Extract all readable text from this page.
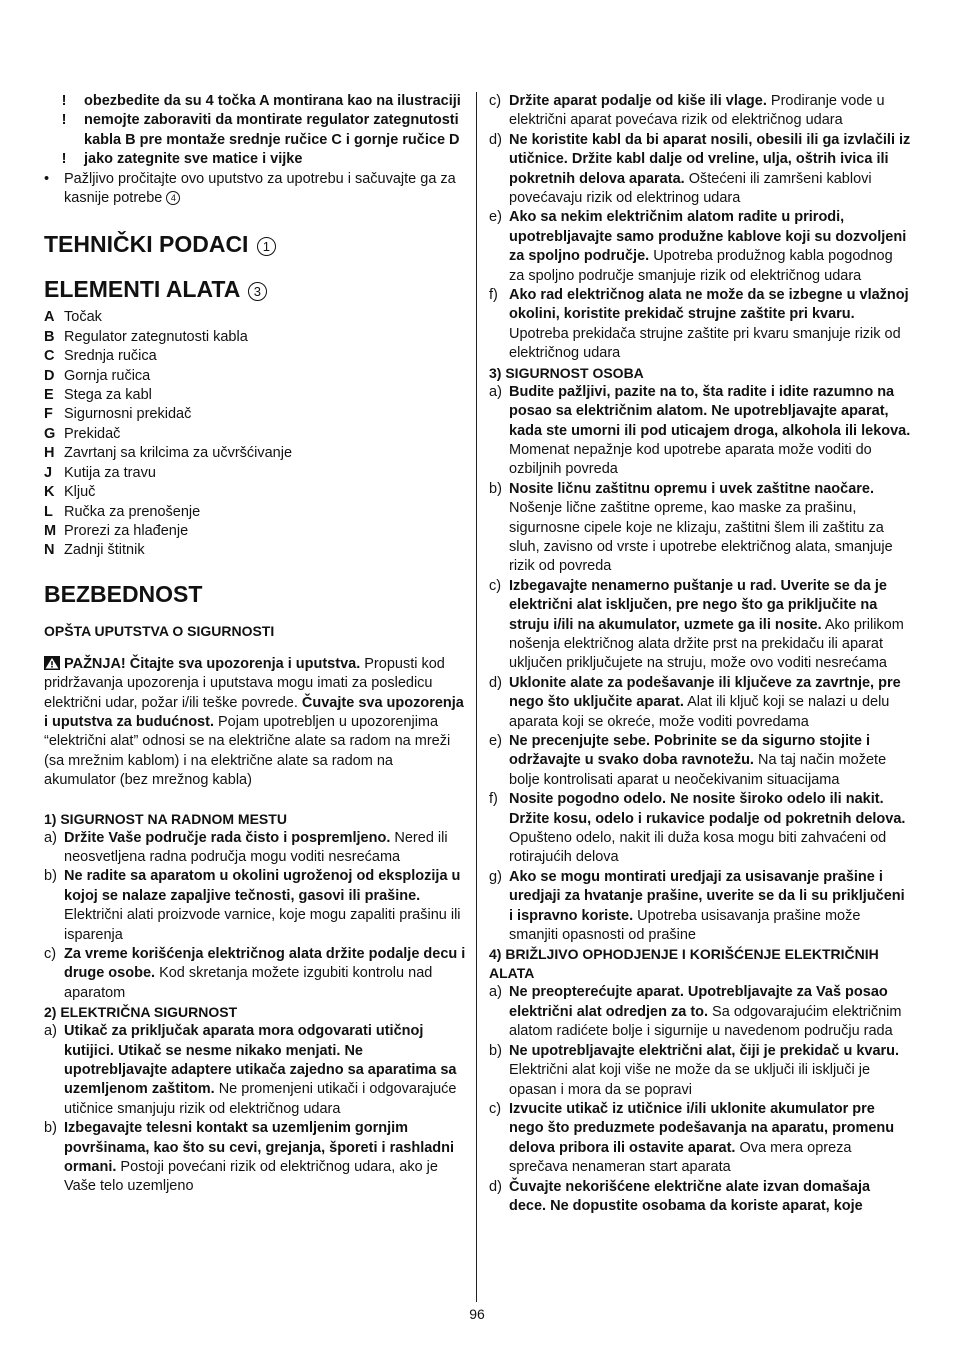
!	obezbedite da su 4 točka A montirana kao na ilustraciji
!	nemojte zaboraviti da montirate regulator zategnutosti kabla B pre montaže srednje ručice C i gornje ručice D
!	jako zategnite sve matice i vijke
•	Pažljivo pročitajte ovo uputstvo za upotrebu i sačuvajte ga za kasnije potrebe 4
TEHNIČKI PODACI 1
ELEMENTI ALATA 3
A Točak
B Regulator zategnutosti kabla
C Srednja ručica
D Gornja ručica
E Stega za kabl
F Sigurnosni prekidač
G Prekidač
H Zavrtanj sa krilcima za učvršćivanje
J Kutija za travu
K Ključ
L Ručka za prenošenje
M Prorezi za hlađenje
N Zadnji štitnik
BEZBEDNOST
OPŠTA UPUTSTVA O SIGURNOSTI
PAŽNJA! Čitajte sva upozorenja i uputstva. Propusti kod pridržavanja upozorenja i uputstava mogu imati za posledicu električni udar, požar i/ili teške povrede. Čuvajte sva upozorenja i uputstva za budućnost. Pojam upotrebljen u upozorenjima “električni alat” odnosi se na električne alate sa radom na mreži (sa mrežnim kablom) i na električne alate sa radom na akumulator (bez mrežnog kabla)
1) SIGURNOST NA RADNOM MESTU
a) Držite Vaše područje rada čisto i pospremljeno. Nered ili neosvetljena radna područja mogu voditi nesrećama
b) Ne radite sa aparatom u okolini ugroženoj od eksplozija u kojoj se nalaze zapaljive tečnosti, gasovi ili prašine. Električni alati proizvode varnice, koje mogu zapaliti prašinu ili isparenja
c) Za vreme korišćenja električnog alata držite podalje decu i druge osobe. Kod skretanja možete izgubiti kontrolu nad aparatom
2) ELEKTRIČNA SIGURNOST
a) Utikač za priključak aparata mora odgovarati utičnoj kutijici. Utikač se nesme nikako menjati. Ne upotrebljavajte adaptere utikača zajedno sa aparatima sa uzemljenom zaštitom. Ne promenjeni utikači i odgovarajuće utičnice smanjuju rizik od električnog udara
b) Izbegavajte telesni kontakt sa uzemljenim gornjim površinama, kao što su cevi, grejanja, šporeti i rashladni ormani. Postoji povećani rizik od električnog udara, ako je Vaše telo uzemljeno
c) Držite aparat podalje od kiše ili vlage. Prodiranje vode u električni aparat povećava rizik od električnog udara
d) Ne koristite kabl da bi aparat nosili, obesili ili ga izvlačili iz utičnice. Držite kabl dalje od vreline, ulja, oštrih ivica ili pokretnih delova aparata. Oštećeni ili zamršeni kablovi povećavaju rizik od elektrinog udara
e) Ako sa nekim električnim alatom radite u prirodi, upotrebljavajte samo produžne kablove koji su dozvoljeni za spoljno područje. Upotreba produžnog kabla pogodnog za spoljno područje smanjuje rizik od električnog udara
f) Ako rad električnog alata ne može da se izbegne u vlažnoj okolini, koristite prekidač strujne zaštite pri kvaru. Upotreba prekidača strujne zaštite pri kvaru smanjuje rizik od električnog udara
3) SIGURNOST OSOBA
a) Budite pažljivi, pazite na to, šta radite i idite razumno na posao sa električnim alatom. Ne upotrebljavajte aparat, kada ste umorni ili pod uticajem droga, alkohola ili lekova. Momenat nepažnje kod upotrebe aparata može voditi do ozbiljnih povreda
b) Nosite ličnu zaštitnu opremu i uvek zaštitne naočare. Nošenje lične zaštitne opreme, kao maske za prašinu, sigurnosne cipele koje ne klizaju, zaštitni šlem ili zaštitu za sluh, zavisno od vrste i upotrebe električnog alata, smanjuje rizik od povreda
c) Izbegavajte nenamerno puštanje u rad. Uverite se da je električni alat isključen, pre nego što ga priključite na struju i/ili na akumulator, uzmete ga ili nosite. Ako prilikom nošenja električnog alata držite prst na prekidaču ili aparat uključen priključujete na struju, može ovo voditi nesrećama
d) Uklonite alate za podešavanje ili ključeve za zavrtnje, pre nego što uključite aparat. Alat ili ključ koji se nalazi u delu aparata koji se okreće, može voditi povredama
e) Ne precenjujte sebe. Pobrinite se da sigurno stojite i održavajte u svako doba ravnotežu. Na taj način možete bolje kontrolisati aparat u neočekivanim situacijama
f) Nosite pogodno odelo. Ne nosite široko odelo ili nakit. Držite kosu, odelo i rukavice podalje od pokretnih delova. Opušteno odelo, nakit ili duža kosa mogu biti zahvaćeni od rotirajućih delova
g) Ako se mogu montirati uredjaji za usisavanje prašine i uredjaji za hvatanje prašine, uverite se da li su priključeni i ispravno koriste. Upotreba usisavanja prašine može smanjiti opasnosti od prašine
4) BRIŽLJIVO OPHODJENJE I KORIŠĆENJE ELEKTRIČNIH ALATA
a) Ne preopterećujte aparat. Upotrebljavajte za Vaš posao električni alat odredjen za to. Sa odgovarajućim električnim alatom radićete bolje i sigurnije u navedenom području rada
b) Ne upotrebljavajte električni alat, čiji je prekidač u kvaru. Električni alat koji više ne može da se uključi ili isključi je opasan i mora da se popravi
c) Izvucite utikač iz utičnice i/ili uklonite akumulator pre nego što preduzmete podešavanja na aparatu, promenu delova pribora ili ostavite aparat. Ova mera opreza sprečava nenameran start aparata
d) Čuvajte nekorišćene električne alate izvan domašaja dece. Ne dopustite osobama da koriste aparat, koje
96
